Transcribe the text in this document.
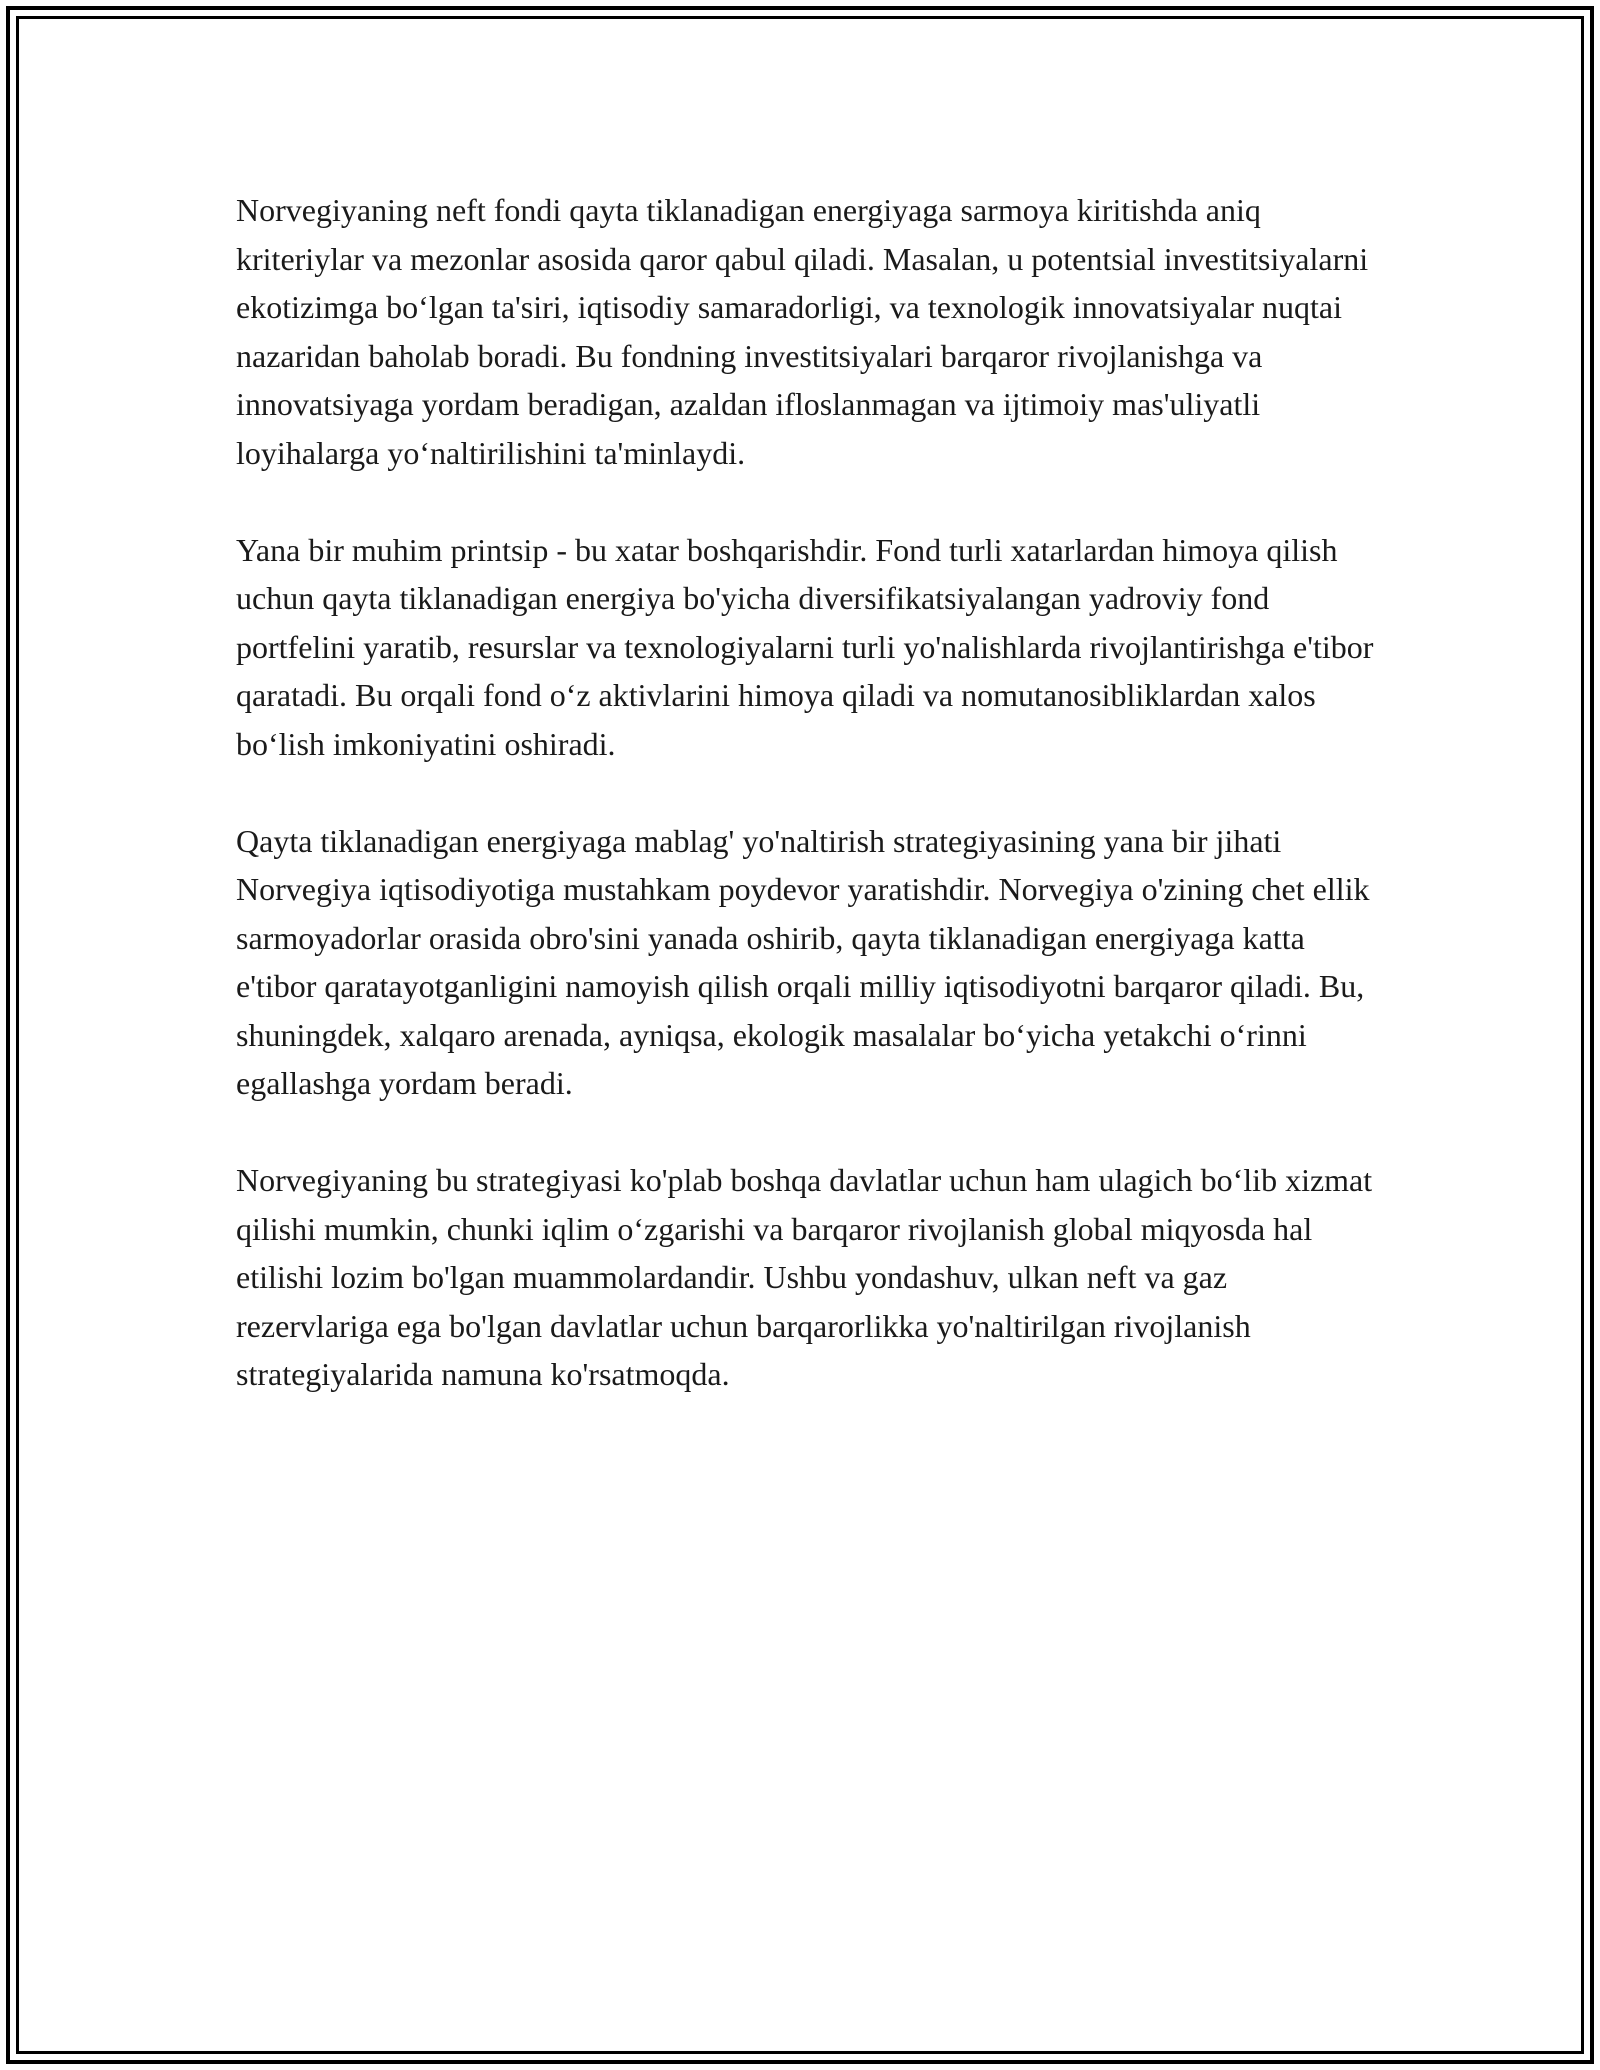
Norvegiyaning neft fondi qayta tiklanadigan energiyaga sarmoya kiritishda aniq kriteriylar va mezonlar asosida qaror qabul qiladi. Masalan, u potentsial investitsiyalarni ekotizimga bo‘lgan ta'siri, iqtisodiy samaradorligi, va texnologik innovatsiyalar nuqtai nazaridan baholab boradi. Bu fondning investitsiyalari barqaror rivojlanishga va innovatsiyaga yordam beradigan, azaldan ifloslanmagan va ijtimoiy mas'uliyatli loyihalarga yo‘naltirilishini ta'minlaydi.

Yana bir muhim printsip - bu xatar boshqarishdir. Fond turli xatarlardan himoya qilish uchun qayta tiklanadigan energiya bo'yicha diversifikatsiyalangan yadroviy fond portfelini yaratib, resurslar va texnologiyalarni turli yo'nalishlarda rivojlantirishga e'tibor qaratadi. Bu orqali fond o‘z aktivlarini himoya qiladi va nomutanosibliklardan xalos bo‘lish imkoniyatini oshiradi.

Qayta tiklanadigan energiyaga mablag' yo'naltirish strategiyasining yana bir jihati Norvegiya iqtisodiyotiga mustahkam poydevor yaratishdir. Norvegiya o'zining chet ellik sarmoyadorlar orasida obro'sini yanada oshirib, qayta tiklanadigan energiyaga katta e'tibor qaratayotganligini namoyish qilish orqali milliy iqtisodiyotni barqaror qiladi. Bu, shuningdek, xalqaro arenada, ayniqsa, ekologik masalalar bo‘yicha yetakchi o‘rinni egallashga yordam beradi.

Norvegiyaning bu strategiyasi ko'plab boshqa davlatlar uchun ham ulagich bo‘lib xizmat qilishi mumkin, chunki iqlim o‘zgarishi va barqaror rivojlanish global miqyosda hal etilishi lozim bo'lgan muammolardandir. Ushbu yondashuv, ulkan neft va gaz rezervlariga ega bo'lgan davlatlar uchun barqarorlikka yo'naltirilgan rivojlanish strategiyalarida namuna ko'rsatmoqda.
